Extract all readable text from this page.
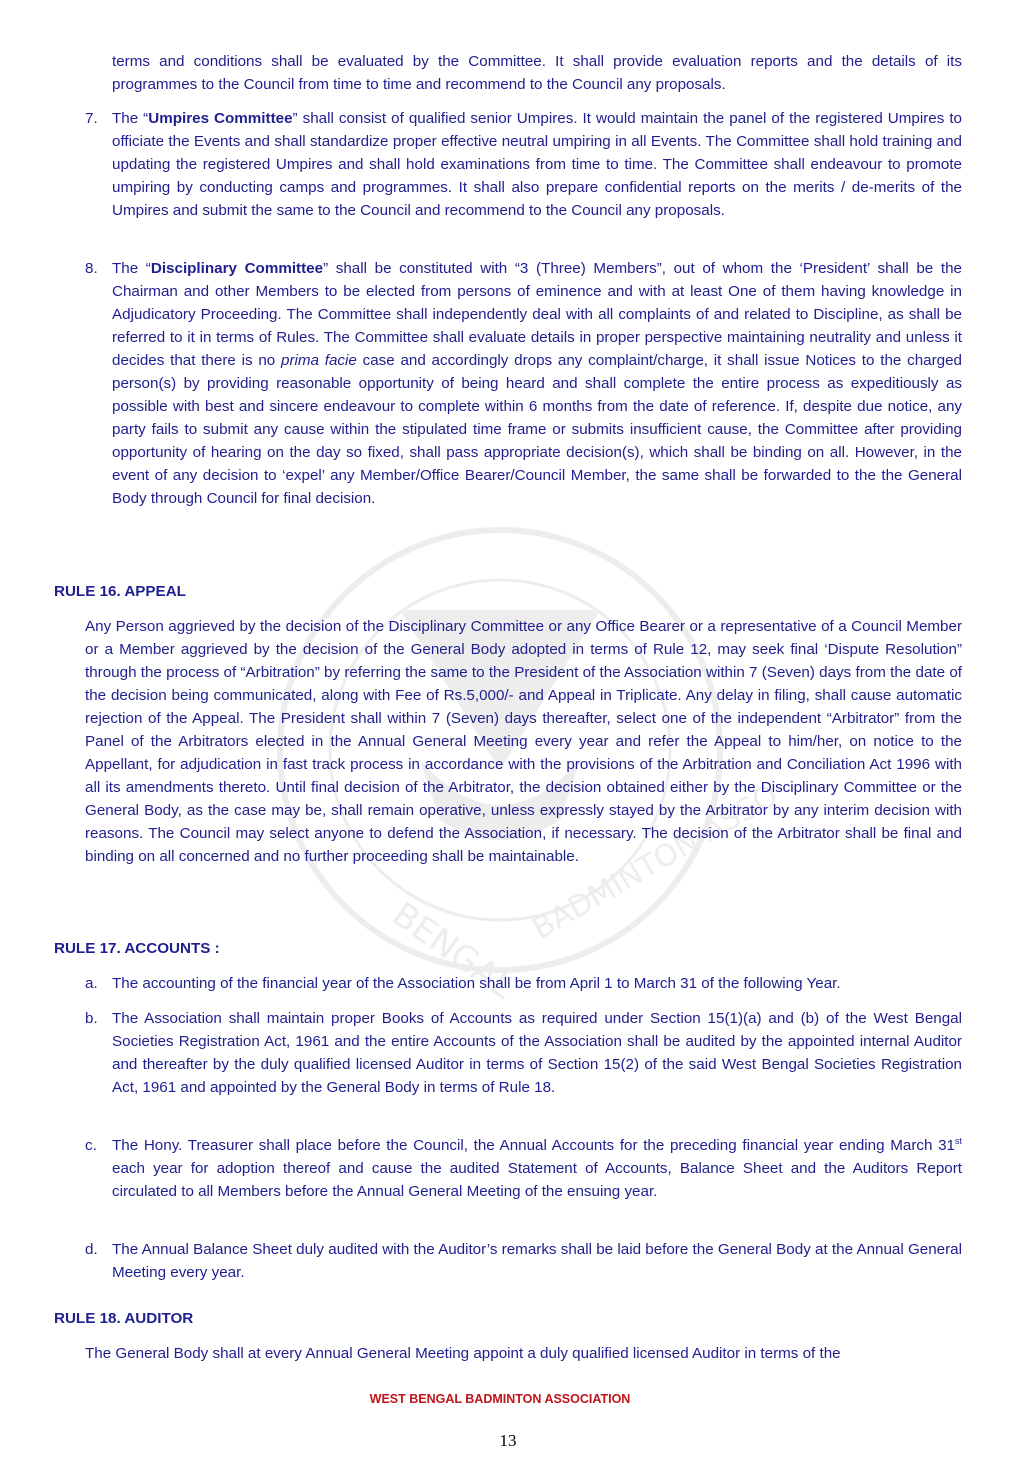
BENGAL
BADMINTON ASSO

terms and conditions shall be evaluated by the Committee. It shall provide evaluation reports and the details of its programmes to the Council from time to time and recommend to the Council any proposals.

7. The “Umpires Committee” shall consist of qualified senior Umpires. It would maintain the panel of the registered Umpires to officiate the Events and shall standardize proper effective neutral umpiring in all Events. The Committee shall hold training and updating the registered Umpires and shall hold examinations from time to time. The Committee shall endeavour to promote umpiring by conducting camps and programmes. It shall also prepare confidential reports on the merits / de-merits of the Umpires and submit the same to the Council and recommend to the Council any proposals.
8. The “Disciplinary Committee” shall be constituted with “3 (Three) Members”, out of whom the ‘President’ shall be the Chairman and other Members to be elected from persons of eminence and with at least One of them having knowledge in Adjudicatory Proceeding. The Committee shall independently deal with all complaints of and related to Discipline, as shall be referred to it in terms of Rules. The Committee shall evaluate details in proper perspective maintaining neutrality and unless it decides that there is no prima facie case and accordingly drops any complaint/charge, it shall issue Notices to the charged person(s) by providing reasonable opportunity of being heard and shall complete the entire process as expeditiously as possible with best and sincere endeavour to complete within 6 months from the date of reference. If, despite due notice, any party fails to submit any cause within the stipulated time frame or submits insufficient cause, the Committee after providing opportunity of hearing on the day so fixed, shall pass appropriate decision(s), which shall be binding on all. However, in the event of any decision to ‘expel’ any Member/Office Bearer/Council Member, the same shall be forwarded to the the General Body through Council for final decision.
RULE 16. APPEAL

Any Person aggrieved by the decision of the Disciplinary Committee or any Office Bearer or a representative of a Council Member or a Member aggrieved by the decision of the General Body adopted in terms of Rule 12, may seek final ‘Dispute Resolution” through the process of “Arbitration” by referring the same to the President of the Association within 7 (Seven) days from the date of the decision being communicated, along with Fee of Rs.5,000/- and Appeal in Triplicate. Any delay in filing, shall cause automatic rejection of the Appeal. The President shall within 7 (Seven) days thereafter, select one of the independent “Arbitrator” from the Panel of the Arbitrators elected in the Annual General Meeting every year and refer the Appeal to him/her, on notice to the Appellant, for adjudication in fast track process in accordance with the provisions of the Arbitration and Conciliation Act 1996 with all its amendments thereto. Until final decision of the Arbitrator, the decision obtained either by the Disciplinary Committee or the General Body, as the case may be, shall remain operative, unless expressly stayed by the Arbitrator by any interim decision with reasons. The Council may select anyone to defend the Association, if necessary. The decision of the Arbitrator shall be final and binding on all concerned and no further proceeding shall be maintainable.

RULE 17. ACCOUNTS :
a. The accounting of the financial year of the Association shall be from April 1 to March 31 of the following Year.
b. The Association shall maintain proper Books of Accounts as required under Section 15(1)(a) and (b) of the West Bengal Societies Registration Act, 1961 and the entire Accounts of the Association shall be audited by the appointed internal Auditor and thereafter by the duly qualified licensed Auditor in terms of Section 15(2) of the said West Bengal Societies Registration Act, 1961 and appointed by the General Body in terms of Rule 18.
c. The Hony. Treasurer shall place before the Council, the Annual Accounts for the preceding financial year ending March 31st each year for adoption thereof and cause the audited Statement of Accounts, Balance Sheet and the Auditors Report circulated to all Members before the Annual General Meeting of the ensuing year.
d. The Annual Balance Sheet duly audited with the Auditor’s remarks shall be laid before the General Body at the Annual General Meeting every year.
RULE 18. AUDITOR

The General Body shall at every Annual General Meeting appoint a duly qualified licensed Auditor in terms of the

WEST BENGAL BADMINTON ASSOCIATION
13
